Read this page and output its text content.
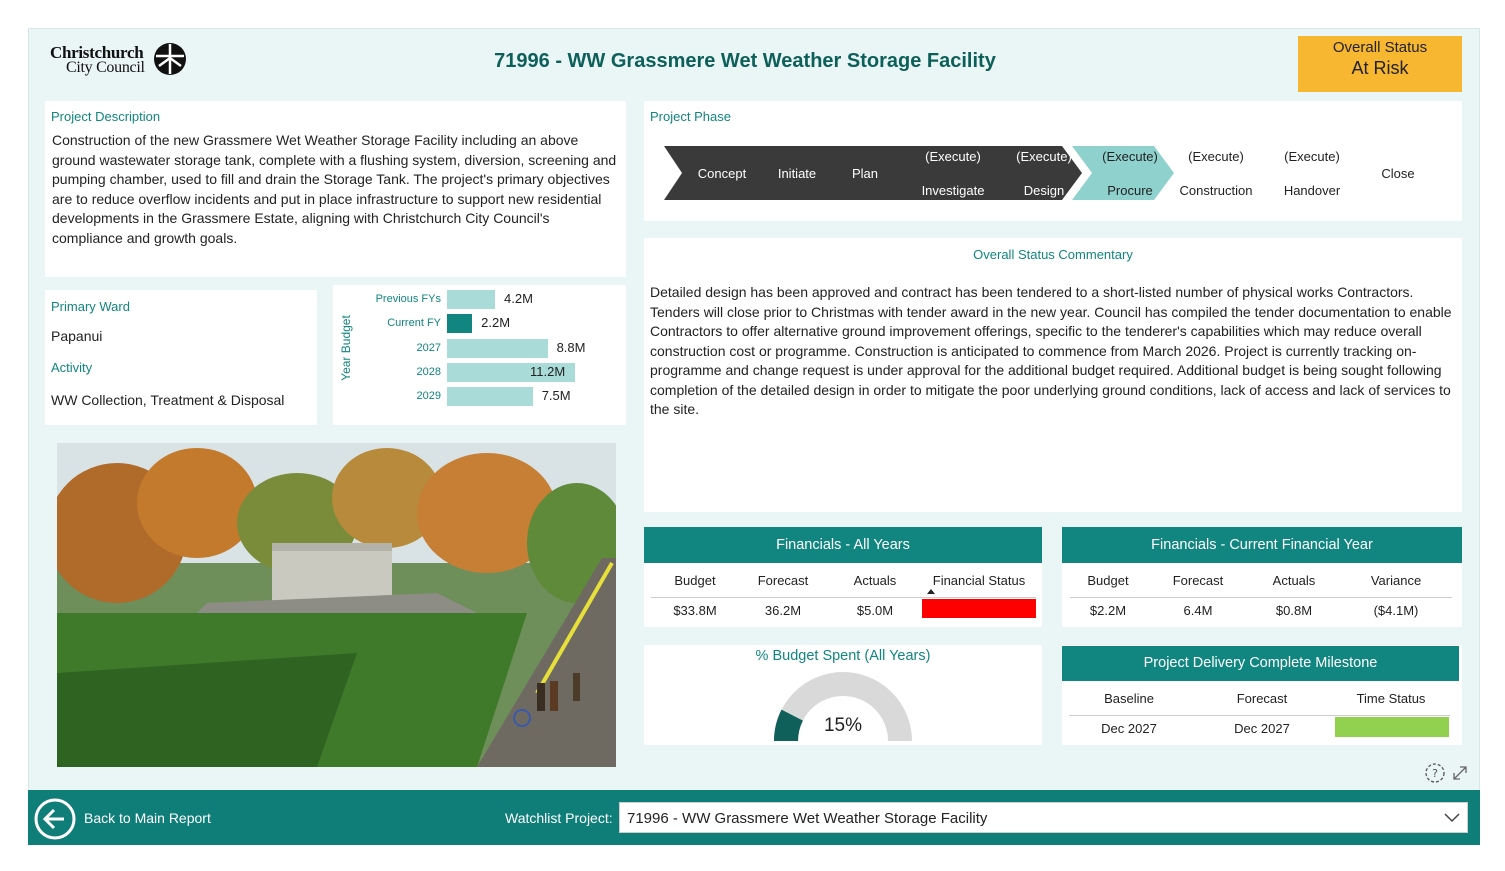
Christchurch
City Council	71996 - WW Grassmere Wet Weather Storage Facility
Overall Status
At Risk
Project Description
Construction of the new Grassmere Wet Weather Storage Facility including an above ground wastewater storage tank, complete with a flushing system, diversion, screening and pumping chamber, used to fill and drain the Storage Tank. The project's primary objectives are to reduce overflow incidents and put in place infrastructure to support new residential developments in the Grassmere Estate, aligning with Christchurch City Council's compliance and growth goals.
Primary Ward
Papanui
Activity
WW Collection, Treatment & Disposal
Year Budget
Previous FYs	4.2M
Current FY	2.2M
2027	8.8M
2028	11.2M
2029	7.5M
Project Phase
Concept Initiate	Plan
(Execute)

Investigate
(Execute)

Design
(Execute)

Procure
(Execute)

Construction
(Execute)

Handover
Close
Overall Status Commentary
Detailed design has been approved and contract has been tendered to a short-listed number of physical works Contractors. Tenders will close prior to Christmas with tender award in the new year. Council has compiled the tender documentation to enable Contractors to offer alternative ground improvement offerings, specific to the tenderer's capabilities which may reduce overall construction cost or programme. Construction is anticipated to commence from March 2026. Project is currently tracking on-programme and change request is under approval for the additional budget required. Additional budget is being sought following completion of the detailed design in order to mitigate the poor underlying ground conditions, lack of access and lack of services to the site.
Financials - All Years
Budget	Forecast	Actuals	Financial Status
$33.8M	36.2M	$5.0M
Financials - Current Financial Year
Budget	Forecast	Actuals	Variance
$2.2M	6.4M	$0.8M	($4.1M)
% Budget Spent (All Years)
15%
Project Delivery Complete Milestone
Baseline	Forecast	Time Status
Dec 2027	Dec 2027
?
Back to Main Report	Watchlist Project: 71996 - WW Grassmere Wet Weather Storage Facility
